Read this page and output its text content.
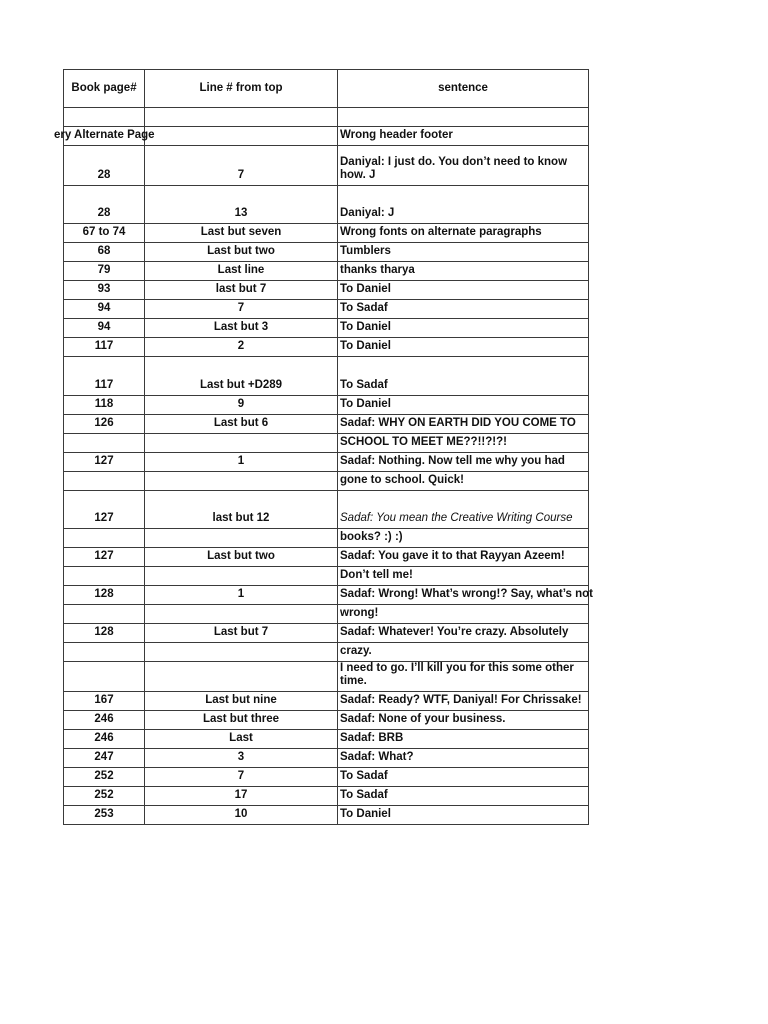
Book page#	Line # from top	sentence

ery Alternate Page		Wrong header footer
28	7	Daniyal: I just do. You don’t need to know how. J
28	13	Daniyal: J
67 to 74	Last but seven	Wrong fonts on alternate paragraphs
68	Last but two	Tumblers
79	Last line	thanks tharya
93	last but 7	To Daniel
94	7	To Sadaf
94	Last but 3	To Daniel
117	2	To Daniel
117	Last but +D289	To Sadaf
118	9	To Daniel
126	Last but 6	Sadaf: WHY ON EARTH DID YOU COME TO
		SCHOOL TO MEET ME??!!?!?!
127	1	Sadaf: Nothing. Now tell me why you had
		gone to school. Quick!
127	last but 12	Sadaf: You mean the Creative Writing Course
		books? :) :)
127	Last but two	Sadaf: You gave it to that Rayyan Azeem!
		Don’t tell me!
128	1	Sadaf: Wrong! What’s wrong!? Say, what’s not
		wrong!
128	Last but 7	Sadaf: Whatever! You’re crazy. Absolutely
		crazy.
		I need to go. I’ll kill you for this some other time.
167	Last but nine	Sadaf: Ready? WTF, Daniyal! For Chrissake!
246	Last but three	Sadaf: None of your business.
246	Last	Sadaf: BRB
247	3	Sadaf: What?
252	7	To Sadaf
252	17	To Sadaf
253	10	To Daniel
